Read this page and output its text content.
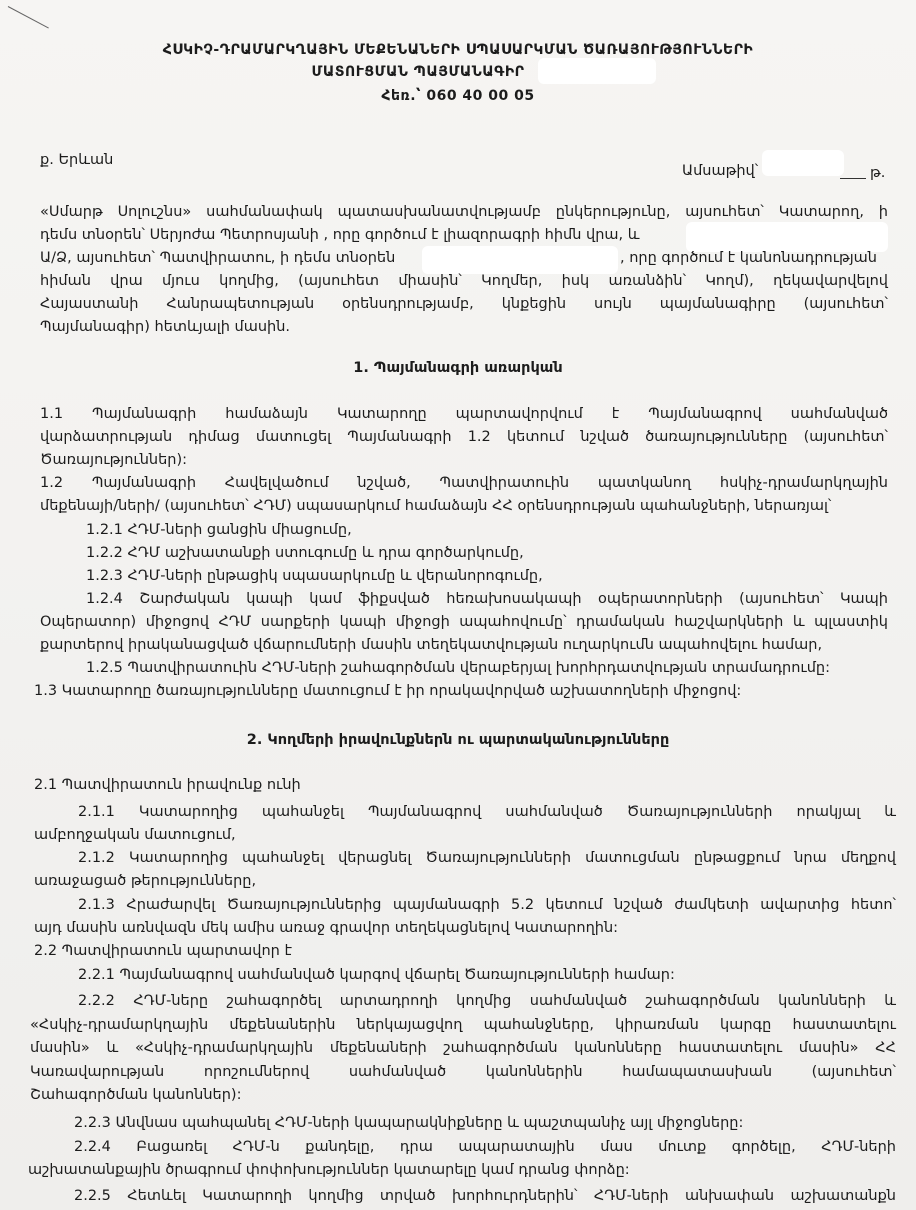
ՀՍԿԻՉ-ԴՐԱՄԱՐԿՂԱՅԻՆ ՄԵՔԵՆԱՆԵՐԻ ՍՊԱՍԱՐԿՄԱՆ ԾԱՌԱՅՈՒԹՅՈՒՆՆԵՐԻ
ՄԱՏՈՒՑՄԱՆ ՊԱՅՄԱՆԱԳԻՐ
Հեռ.՝ 060 40 00 05
ք. Երևան
Ամսաթիվ՝	թ.
«Սմարթ Սոլուշնս» սահմանափակ պատասխանատվությամբ ընկերությունը, այսուհետ՝ Կատարող, ի
դեմս տնօրեն՝ Սերյոժա Պետրոսյանի , որը գործում է լիազորագրի հիմն վրա, և
Ա/Ձ, այսուհետ՝ Պատվիրատու, ի դեմս տնօրեն	, որը գործում է կանոնադրության
հիման վրա մյուս կողմից, (այսուհետ միասին՝ Կողմեր, իսկ առանձին՝ Կողմ), ղեկավարվելով
Հայաստանի Հանրապետության օրենսդրությամբ, կնքեցին սույն պայմանագիրը (այսուհետ՝
Պայմանագիր) հետևյալի մասին.
1. Պայմանագրի առարկան
1.1 Պայմանագրի համաձայն Կատարողը պարտավորվում է Պայմանագրով սահմանված
վարձատրության դիմաց մատուցել Պայմանագրի 1.2 կետում նշված ծառայությունները (այսուհետ՝
Ծառայություններ):
1.2 Պայմանագրի Հավելվածում նշված, Պատվիրատուին պատկանող հսկիչ-դրամարկղային
մեքենայի/ների/ (այսուհետ՝ ՀԴՄ) սպասարկում համաձայն ՀՀ օրենսդրության պահանջների, ներառյալ՝
1.2.1 ՀԴՄ-ների ցանցին միացումը,
1.2.2 ՀԴՄ աշխատանքի ստուգումը և դրա գործարկումը,
1.2.3 ՀԴՄ-ների ընթացիկ սպասարկումը և վերանորոգումը,
1.2.4 Շարժական կապի կամ ֆիքսված հեռախոսակապի օպերատորների (այսուհետ՝ Կապի
Օպերատոր) միջոցով ՀԴՄ սարքերի կապի միջոցի ապահովումը՝ դրամական հաշվարկների և պլաստիկ
քարտերով իրականացված վճարումների մասին տեղեկատվության ուղարկումն ապահովելու համար,
1.2.5 Պատվիրատուին ՀԴՄ-ների շահագործման վերաբերյալ խորհրդատվության տրամադրումը:
1.3 Կատարողը ծառայությունները մատուցում է իր որակավորված աշխատողների միջոցով:
2. Կողմերի իրավունքներն ու պարտականությունները
2.1 Պատվիրատուն իրավունք ունի
2.1.1 Կատարողից պահանջել Պայմանագրով սահմանված Ծառայությունների որակյալ և
ամբողջական մատուցում,
2.1.2 Կատարողից պահանջել վերացնել Ծառայությունների մատուցման ընթացքում նրա մեղքով
առաջացած թերությունները,
2.1.3 Հրաժարվել Ծառայություններից պայմանագրի 5.2 կետում նշված ժամկետի ավարտից հետո՝
այդ մասին առնվազն մեկ ամիս առաջ գրավոր տեղեկացնելով Կատարողին:
2.2 Պատվիրատուն պարտավոր է
2.2.1 Պայմանագրով սահմանված կարգով վճարել Ծառայությունների համար:
2.2.2 ՀԴՄ-ները շահագործել արտադրողի կողմից սահմանված շահագործման կանոնների և
«Հսկիչ-դրամարկղային մեքենաներին ներկայացվող պահանջները, կիրառման կարգը հաստատելու
մասին» և «Հսկիչ-դրամարկղային մեքենաների շահագործման կանոնները հաստատելու մասին» ՀՀ
Կառավարության որոշումներով սահմանված կանոններին համապատասխան (այսուհետ՝
Շահագործման կանոններ):
2.2.3 Անվնաս պահպանել ՀԴՄ-ների կապարակնիքները և պաշտպանիչ այլ միջոցները:
2.2.4 Բացառել ՀԴՄ-ն քանդելը, դրա ապարատային մաս մուտք գործելը, ՀԴՄ-ների
աշխատանքային ծրագրում փոփոխություններ կատարելը կամ դրանց փորձը:
2.2.5 Հետևել Կատարողի կողմից տրված խորհուրդներին՝ ՀԴՄ-ների անխափան աշխատանքն
